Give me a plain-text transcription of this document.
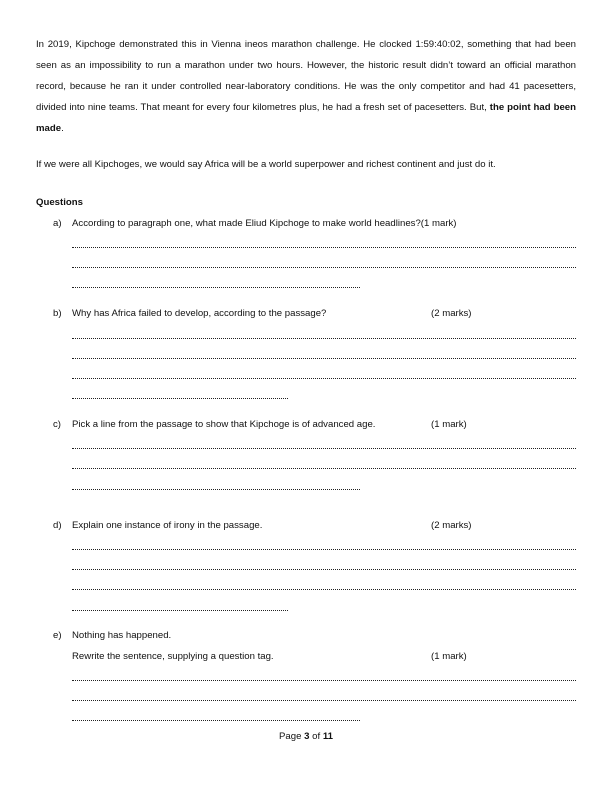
In 2019, Kipchoge demonstrated this in Vienna ineos marathon challenge. He clocked 1:59:40:02, something that had been seen as an impossibility to run a marathon under two hours. However, the historic result didn’t toward an official marathon record, because he ran it under controlled near-laboratory conditions. He was the only competitor and had 41 pacesetters, divided into nine teams. That meant for every four kilometres plus, he had a fresh set of pacesetters. But, the point had been made.

If we were all Kipchoges, we would say Africa will be a world superpower and richest continent and just do it.

Questions

a) According to paragraph one, what made Eliud Kipchoge to make world headlines?(1 mark)
b) Why has Africa failed to develop, according to the passage?	(2 marks)
c) Pick a line from the passage to show that Kipchoge is of advanced age.	(1 mark)
d) Explain one instance of irony in the passage.	(2 marks)
e) Nothing has happened.
Rewrite the sentence, supplying a question tag.	(1 mark)
Page 3 of 11
